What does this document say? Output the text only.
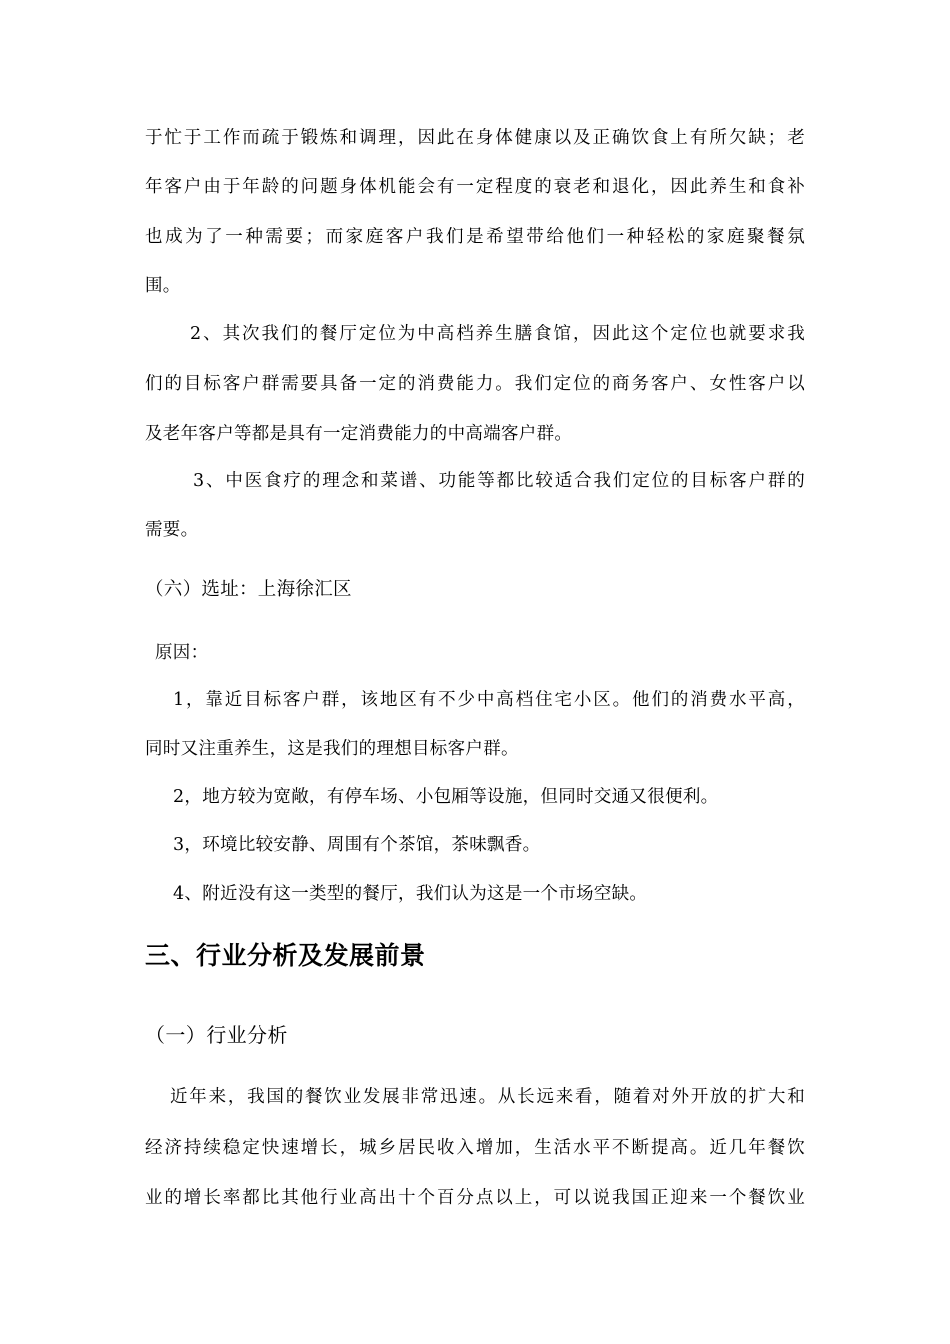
于忙于工作而疏于锻炼和调理，因此在身体健康以及正确饮食上有所欠缺；老
年客户由于年龄的问题身体机能会有一定程度的衰老和退化，因此养生和食补
也成为了一种需要；而家庭客户我们是希望带给他们一种轻松的家庭聚餐氛
围。
2、其次我们的餐厅定位为中高档养生膳食馆，因此这个定位也就要求我
们的目标客户群需要具备一定的消费能力。我们定位的商务客户、女性客户以
及老年客户等都是具有一定消费能力的中高端客户群。
3、中医食疗的理念和菜谱、功能等都比较适合我们定位的目标客户群的
需要。
（六）选址：上海徐汇区
原因：
1，靠近目标客户群，该地区有不少中高档住宅小区。他们的消费水平高，
同时又注重养生，这是我们的理想目标客户群。
2，地方较为宽敞，有停车场、小包厢等设施，但同时交通又很便利。
3，环境比较安静、周围有个茶馆，茶味飘香。
4、附近没有这一类型的餐厅，我们认为这是一个市场空缺。
三、行业分析及发展前景
（一）行业分析
近年来，我国的餐饮业发展非常迅速。从长远来看，随着对外开放的扩大和
经济持续稳定快速增长，城乡居民收入增加，生活水平不断提高。近几年餐饮
业的增长率都比其他行业高出十个百分点以上，可以说我国正迎来一个餐饮业
